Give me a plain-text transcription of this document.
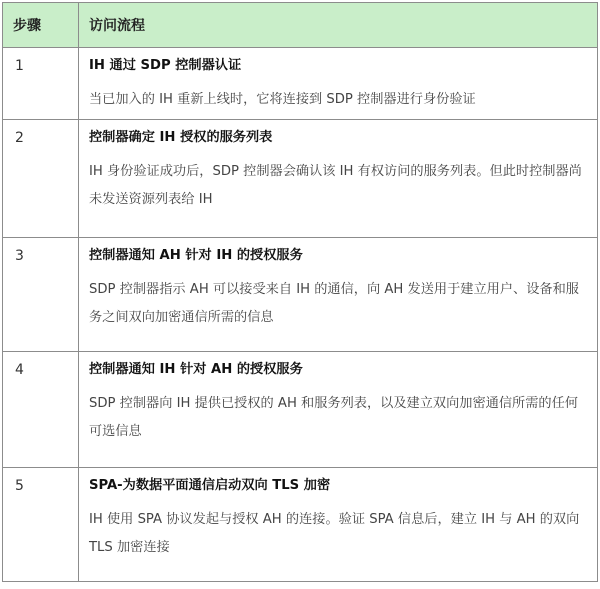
步骤	访问流程
1	IH 通过 SDP 控制器认证
当已加入的 IH 重新上线时，它将连接到 SDP 控制器进行身份验证

2	控制器确定 IH 授权的服务列表
IH 身份验证成功后，SDP 控制器会确认该 IH 有权访问的服务列表。但此时控制器尚未发送资源列表给 IH

3	控制器通知 AH 针对 IH 的授权服务
SDP 控制器指示 AH 可以接受来自 IH 的通信，向 AH 发送用于建立用户、设备和服务之间双向加密通信所需的信息

4	控制器通知 IH 针对 AH 的授权服务
SDP 控制器向 IH 提供已授权的 AH 和服务列表，以及建立双向加密通信所需的任何可选信息

5	SPA-为数据平面通信启动双向 TLS 加密
IH 使用 SPA 协议发起与授权 AH 的连接。验证 SPA 信息后，建立 IH 与 AH 的双向 TLS 加密连接
